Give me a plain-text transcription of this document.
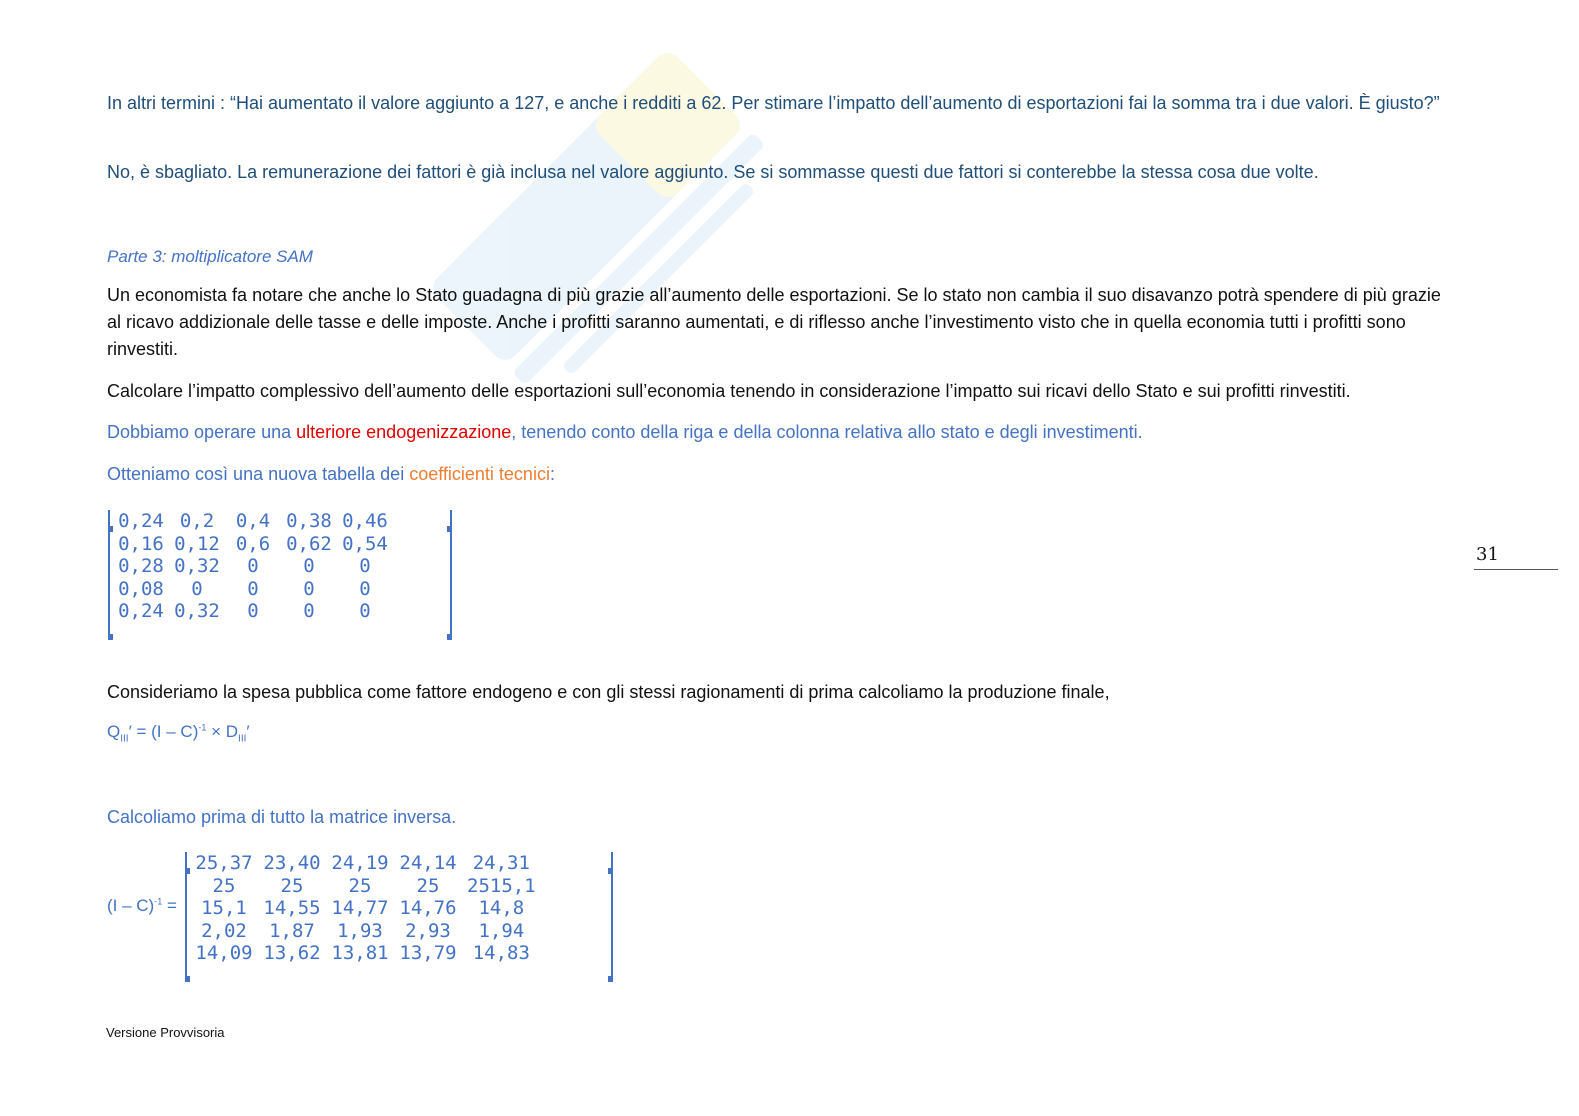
In altri termini : “Hai aumentato il valore aggiunto a 127, e anche i redditi a 62. Per stimare l’impatto dell’aumento di esportazioni fai la somma tra i due valori. È giusto?”

No, è sbagliato. La remunerazione dei fattori è già inclusa nel valore aggiunto. Se si sommasse questi due fattori si conterebbe la stessa cosa due volte.

Parte 3: moltiplicatore SAM

Un economista fa notare che anche lo Stato guadagna di più grazie all’aumento delle esportazioni. Se lo stato non cambia il suo disavanzo potrà spendere di più grazie al ricavo addizionale delle tasse e delle imposte. Anche i profitti saranno aumentati, e di riflesso anche l’investimento visto che in quella economia tutti i profitti sono rinvestiti.

Calcolare l’impatto complessivo dell’aumento delle esportazioni sull’economia tenendo in considerazione l’impatto sui ricavi dello Stato e sui profitti rinvestiti.

Dobbiamo operare una ulteriore endogenizzazione, tenendo conto della riga e della colonna relativa allo stato e degli investimenti.

Otteniamo così una nuova tabella dei coefficienti tecnici:

0,24	0,2	0,4	0,38	0,46
0,16	0,12	0,6	0,62	0,54
0,28	0,32	0	0	0
0,08	0	0	0	0
0,24	0,32	0	0	0

Consideriamo la spesa pubblica come fattore endogeno e con gli stessi ragionamenti di prima calcoliamo la produzione finale,

$Q_{III}' = (I - C)^{-1} \times D_{III}'$

Calcoliamo prima di tutto la matrice inversa.

(I – C)$^{-1}$ =
25,37	23,40	24,19	24,14	24,31
25	25	25	25	2515,1
15,1	14,55	14,77	14,76	14,8
2,02	1,87	1,93	2,93	1,94
14,09	13,62	13,81	13,79	14,83
31
Versione Provvisoria
